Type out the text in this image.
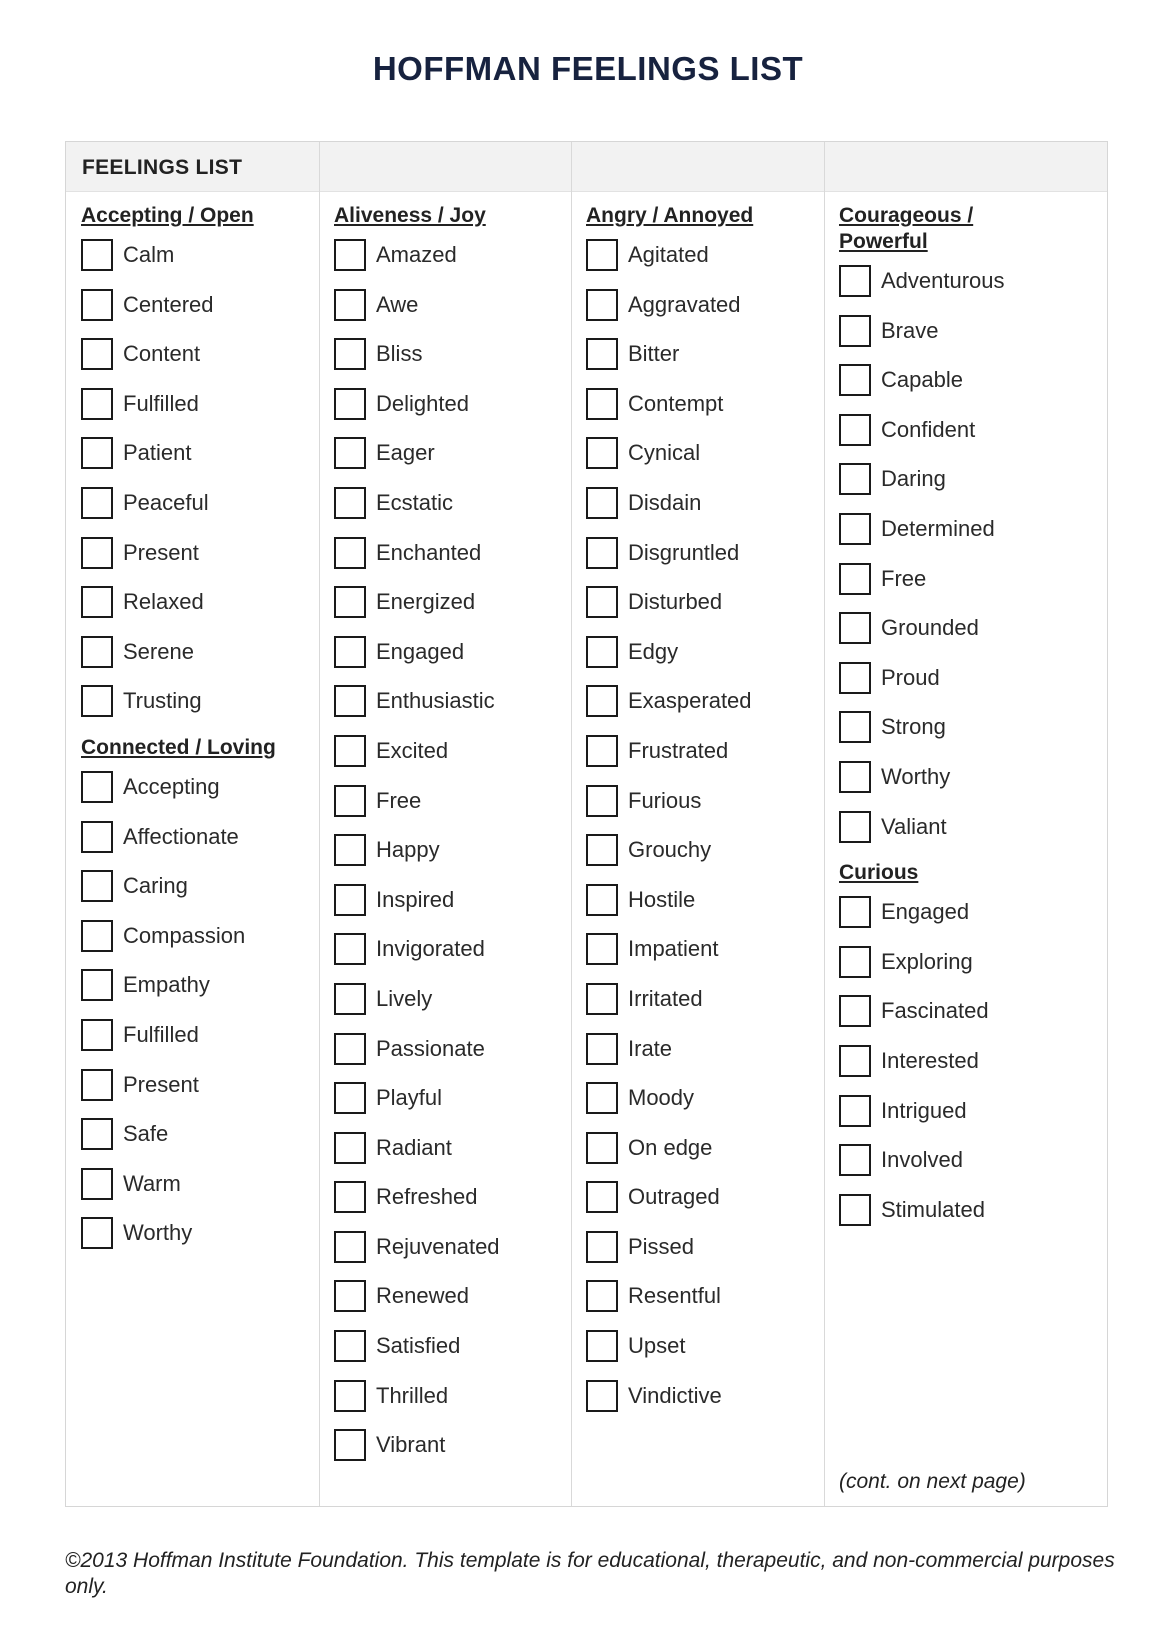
HOFFMAN FEELINGS LIST
FEELINGS LIST
Accepting / Open
Calm
Centered
Content
Fulfilled
Patient
Peaceful
Present
Relaxed
Serene
Trusting
Connected / Loving
Accepting
Affectionate
Caring
Compassion
Empathy
Fulfilled
Present
Safe
Warm
Worthy
Aliveness / Joy
Amazed
Awe
Bliss
Delighted
Eager
Ecstatic
Enchanted
Energized
Engaged
Enthusiastic
Excited
Free
Happy
Inspired
Invigorated
Lively
Passionate
Playful
Radiant
Refreshed
Rejuvenated
Renewed
Satisfied
Thrilled
Vibrant
Angry / Annoyed
Agitated
Aggravated
Bitter
Contempt
Cynical
Disdain
Disgruntled
Disturbed
Edgy
Exasperated
Frustrated
Furious
Grouchy
Hostile
Impatient
Irritated
Irate
Moody
On edge
Outraged
Pissed
Resentful
Upset
Vindictive
Courageous / Powerful
Adventurous
Brave
Capable
Confident
Daring
Determined
Free
Grounded
Proud
Strong
Worthy
Valiant
Curious
Engaged
Exploring
Fascinated
Interested
Intrigued
Involved
Stimulated
(cont. on next page)
©2013 Hoffman Institute Foundation. This template is for educational, therapeutic, and non-commercial purposes only.
